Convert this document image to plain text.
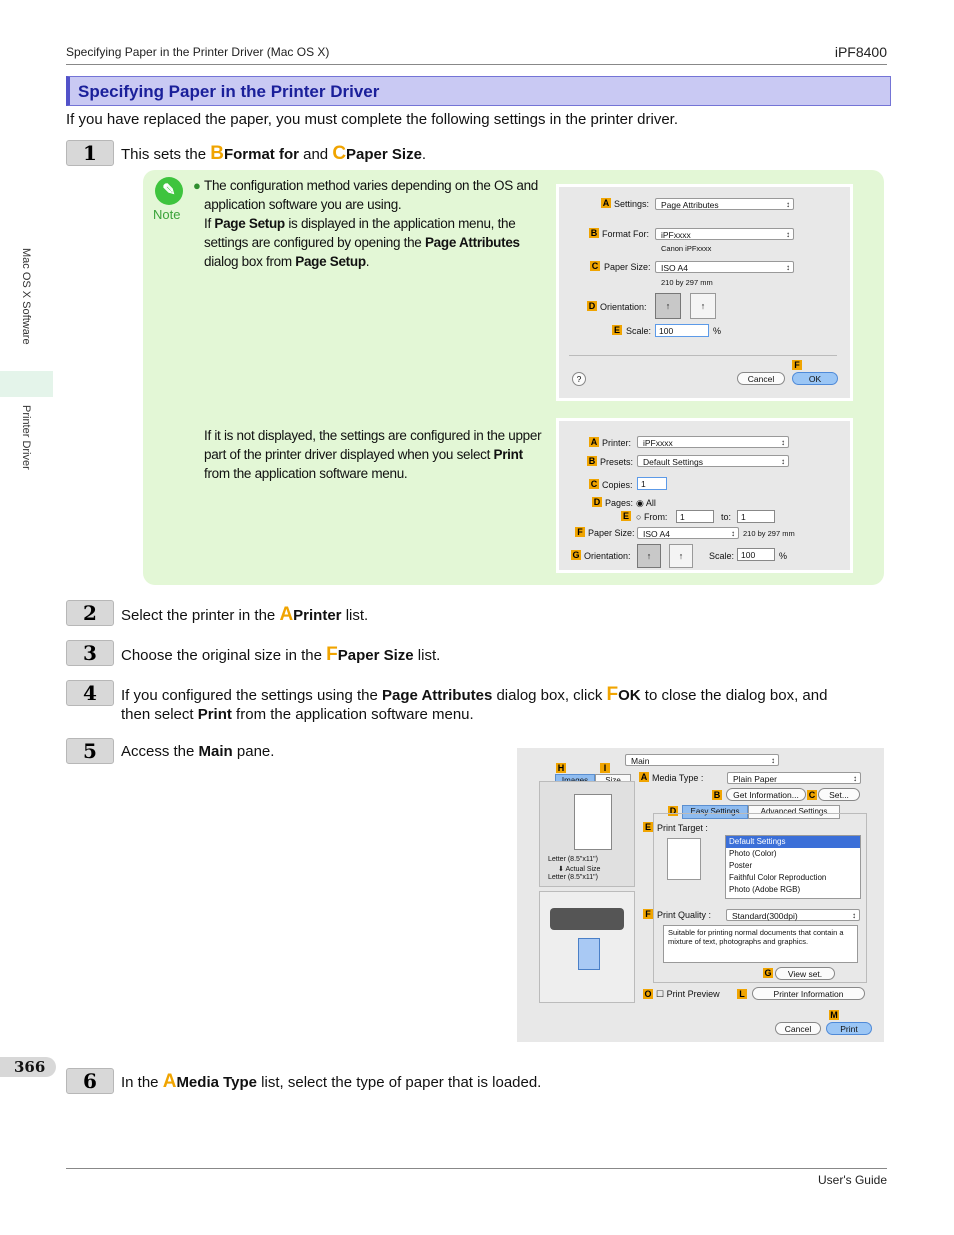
Specifying Paper in the Printer Driver (Mac OS X)	iPF8400
Mac OS X Software
Printer Driver
Specifying Paper in the Printer Driver
If you have replaced the paper, you must complete the following settings in the printer driver.
1	This sets the BFormat for and CPaper Size.
✎
Note
● The configuration method varies depending on the OS and application software you are using.
If Page Setup is displayed in the application menu, the settings are configured by opening the Page Attributes dialog box from Page Setup.
If it is not displayed, the settings are configured in the upper part of the printer driver displayed when you select Print from the application software menu.
A Settings:	Page Attributes ↕
B Format For:	iPFxxxx ↕
Canon iPFxxxx
C Paper Size:	ISO A4 ↕
210 by 297 mm
D Orientation:	↑	↑
E Scale: 100	%
F
?	Cancel	OK
A Printer:	iPFxxxx ↕
B Presets:	Default Settings ↕
C Copies: 1
D Pages: ◉ All
E ○ From:	1	to:	1
F Paper Size: ISO A4 ↕	210 by 297 mm
G Orientation:	↑	↑	Scale: 100	%
2	Select the printer in the APrinter list.
3	Choose the original size in the FPaper Size list.
4	If you configured the settings using the Page Attributes dialog box, click FOK to close the dialog box, and
then select Print from the application software menu.
5	Access the Main pane.
Main ↕
H	I
Letter (8.5"x11")
⬇ Actual Size
Letter (8.5"x11")
A Media Type :	Plain Paper ↕
B	Get Information...	C	Set...
D	Easy Settings	Advanced Settings
E Print Target :
Default Settings
Photo (Color)
Poster
Faithful Color Reproduction
Photo (Adobe RGB)
F Print Quality :	Standard(300dpi) ↕
Suitable for printing normal documents that contain a mixture of text, photographs and graphics.
G	View set.
O ☐ Print Preview L	Printer Information
M
Cancel	Print
366
6	In the AMedia Type list, select the type of paper that is loaded.
User's Guide
